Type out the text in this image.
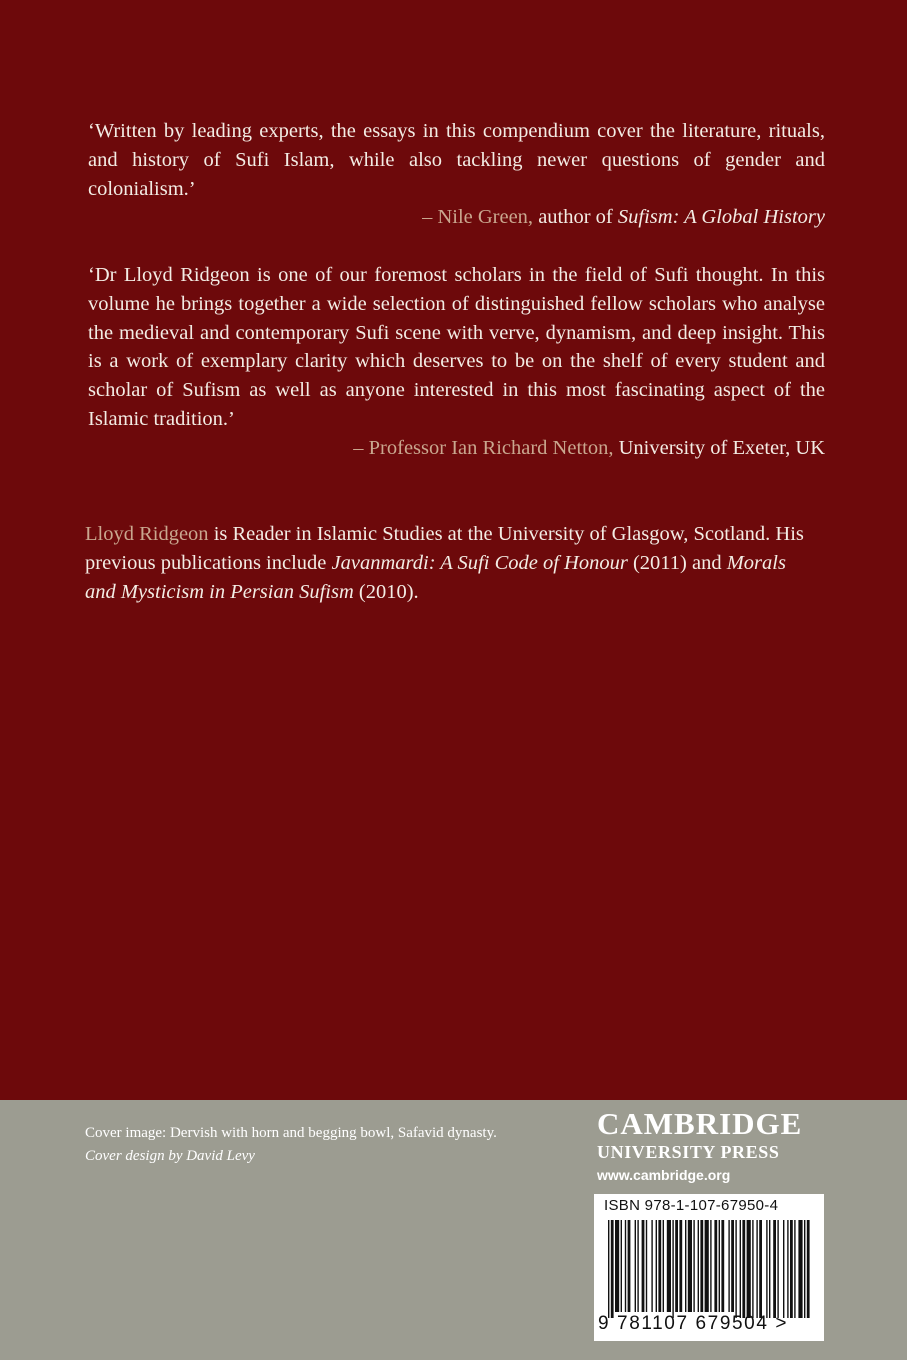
‘Written by leading experts, the essays in this compendium cover the literature, rituals, and history of Sufi Islam, while also tackling newer questions of gender and colonialism.’
– Nile Green, author of Sufism: A Global History
‘Dr Lloyd Ridgeon is one of our foremost scholars in the field of Sufi thought. In this volume he brings together a wide selection of distinguished fellow scholars who analyse the medieval and contemporary Sufi scene with verve, dynamism, and deep insight. This is a work of exemplary clarity which deserves to be on the shelf of every student and scholar of Sufism as well as anyone interested in this most fascinating aspect of the Islamic tradition.’
– Professor Ian Richard Netton, University of Exeter, UK
Lloyd Ridgeon is Reader in Islamic Studies at the University of Glasgow, Scotland. His previous publications include Javanmardi: A Sufi Code of Honour (2011) and Morals and Mysticism in Persian Sufism (2010).
Cover image: Dervish with horn and begging bowl, Safavid dynasty.
Cover design by David Levy
CAMBRIDGE
UNIVERSITY PRESS
www.cambridge.org
ISBN 978-1-107-67950-4
9 781107 679504 >
